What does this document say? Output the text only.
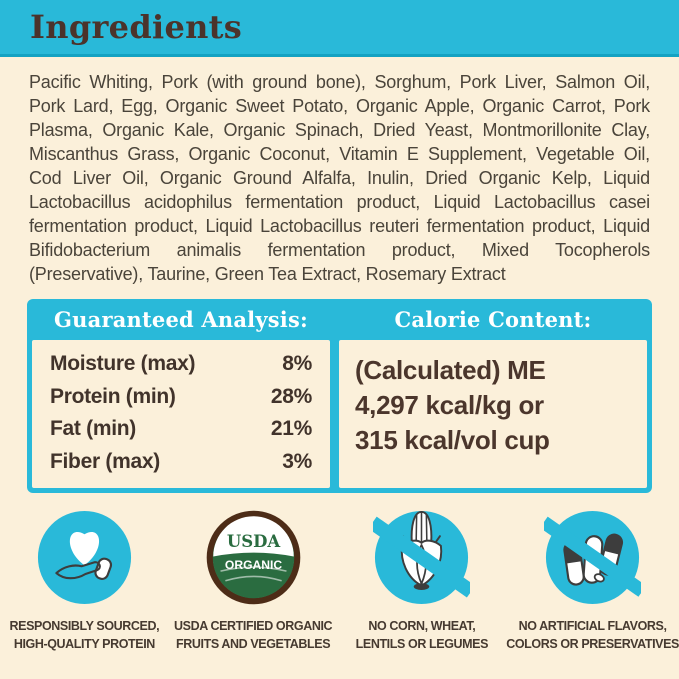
Ingredients

Pacific Whiting, Pork (with ground bone), Sorghum, Pork Liver, Salmon Oil, Pork Lard, Egg, Organic Sweet Potato, Organic Apple, Organic Carrot, Pork Plasma, Organic Kale, Organic Spinach, Dried Yeast, Montmorillonite Clay, Miscanthus Grass, Organic Coconut, Vitamin E Supplement, Vegetable Oil, Cod Liver Oil, Organic Ground Alfalfa, Inulin, Dried Organic Kelp, Liquid Lactobacillus acidophilus fermentation product, Liquid Lactobacillus casei fermentation product, Liquid Lactobacillus reuteri fermentation product, Liquid Bifidobacterium animalis fermentation product, Mixed Tocopherols (Preservative), Taurine, Green Tea Extract, Rosemary Extract

Guaranteed Analysis:
Moisture (max)	8%
Protein (min)	28%
Fat (min)	21%
Fiber (max)	3%
Calorie Content:
(Calculated) ME
4,297 kcal/kg or
315 kcal/vol cup
RESPONSIBLY SOURCED,
HIGH-QUALITY PROTEIN
USDA
ORGANIC
USDA CERTIFIED ORGANIC
FRUITS AND VEGETABLES
NO CORN, WHEAT,
LENTILS OR LEGUMES
NO ARTIFICIAL FLAVORS,
COLORS OR PRESERVATIVES
